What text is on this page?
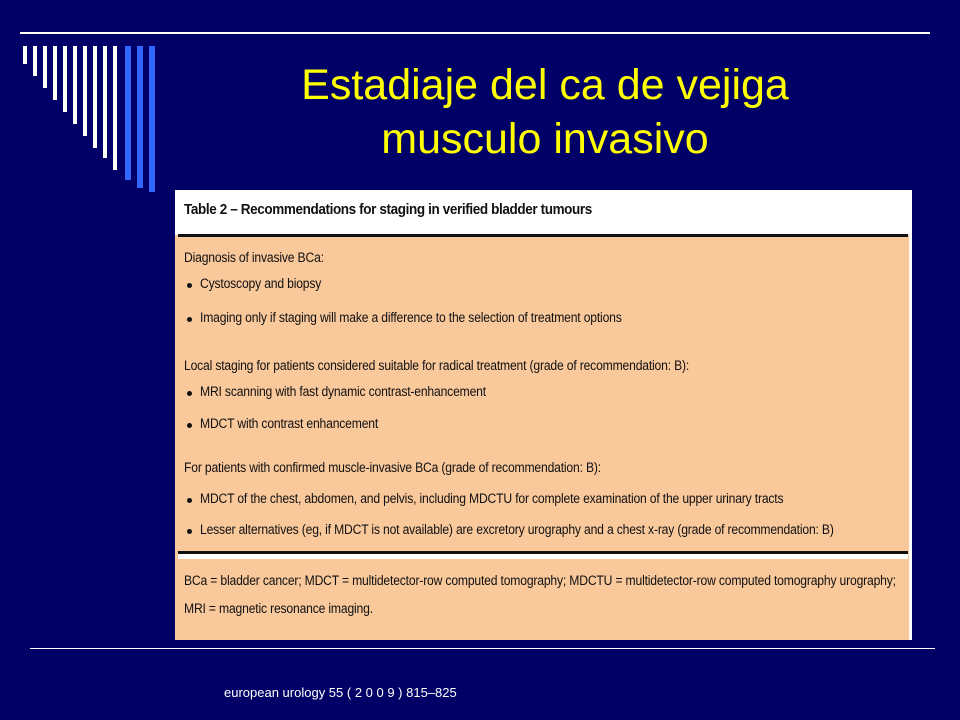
Estadiaje del ca de vejiga
musculo invasivo
Table 2 – Recommendations for staging in verified bladder tumours
Diagnosis of invasive BCa:
Cystoscopy and biopsy
Imaging only if staging will make a difference to the selection of treatment options
Local staging for patients considered suitable for radical treatment (grade of recommendation: B):
MRI scanning with fast dynamic contrast-enhancement
MDCT with contrast enhancement
For patients with confirmed muscle-invasive BCa (grade of recommendation: B):
MDCT of the chest, abdomen, and pelvis, including MDCTU for complete examination of the upper urinary tracts
Lesser alternatives (eg, if MDCT is not available) are excretory urography and a chest x-ray (grade of recommendation: B)
BCa = bladder cancer; MDCT = multidetector-row computed tomography; MDCTU = multidetector-row computed tomography urography;
MRI = magnetic resonance imaging.
european urology 55 ( 2 0 0 9 ) 815–825
